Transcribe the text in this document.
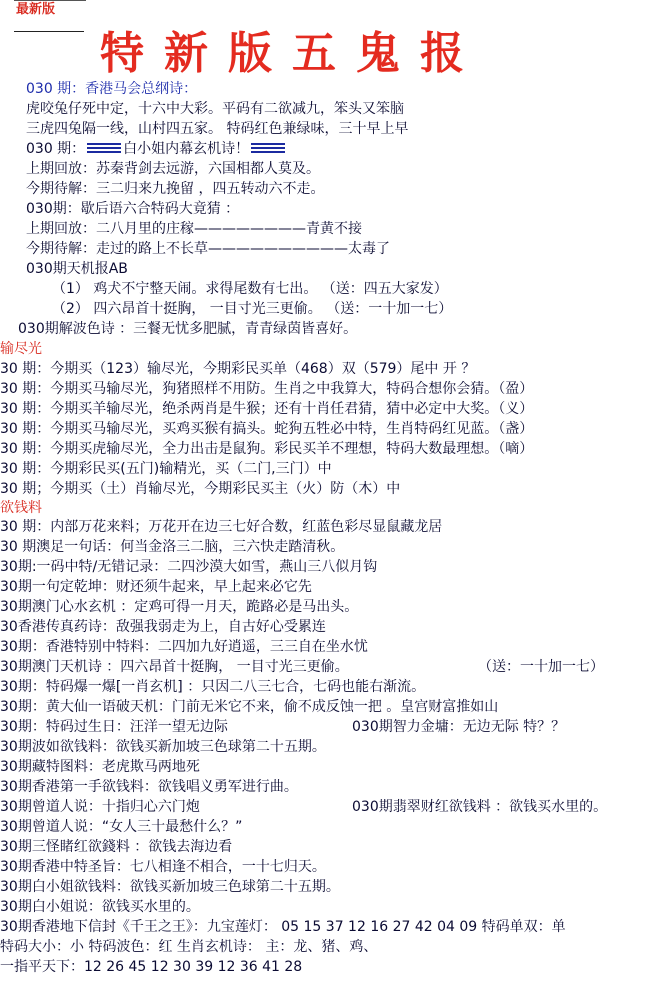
最新版
特新版五鬼报
030 期：香港马会总纲诗：
虎咬兔仔死中定，十六中大彩。平码有二欲减九，笨头又笨脑
三虎四兔隔一线，山村四五家。 特码红色兼绿味，三十早上早
030 期：	白小姐内幕玄机诗！
上期回放：苏秦背剑去远游，六国相都人莫及。
今期待解：三二归来九挽留 ，四五转动六不走。
030期：歇后语六合特码大竟猜 ：
上期回放：二八月里的庄稼————————青黄不接
今期待解：走过的路上不长草——————————太毒了
030期天机报AB
（1） 鸡犬不宁整天闹。求得尾数有七出。 （送：四五大家发）
（2） 四六昂首十挺胸， 一目寸光三更偷。 （送：一十加一七）
030期解波色诗 ：三餐无忧多肥腻，青青绿茵皆喜好。
输尽光
30 期：今期买（123）输尽光，今期彩民买单（468）双（579）尾中 开 ？
30 期：今期买马输尽光，狗猪照样不用防。生肖之中我算大，特码合想你会猜。（盈）
30 期：今期买羊输尽光，绝杀两肖是牛猴；还有十肖任君猜，猜中必定中大奖。（义）
30 期：今期买马输尽光，买鸡买猴有搞头。蛇狗五牲必中特，生肖特码红见蓝。（盏）
30 期：今期买虎输尽光，全力出击是鼠狗。彩民买羊不理想，特码大数最理想。（嘀）
30 期：今期彩民买(五门)输精光，买（二门,三门）中
30 期；今期买（土）肖输尽光，今期彩民买主（火）防（木）中
欲钱料
30 期：内部万花来料；万花开在边三七好合数，红蓝色彩尽显鼠藏龙居
30 期澳足一句话：何当金洛三二脑，三六快走踏清秋。
30期:一码中特/无错记录：二四沙漠大如雪，燕山三八似月钩
30期一句定乾坤：财还须牛起来，早上起来必它先
30期澳门心水玄机 ：定鸡可得一月天，跪路必是马出头。
30香港传真药诗：敌强我弱走为上，自古好心受累连
30期：香港特别中特料：二四加九好逍遥，三三自在坐水忧
30期澳门天机诗 ：四六昂首十挺胸， 一目寸光三更偷。	（送：一十加一七）
30期：特码爆一爆[一肖玄机] ：只因二八三七合，七码也能右渐流。
30期：黄大仙一语破天机：门前无米它不来，偷不成反蚀一把 。皇宫财富推如山
30期：特码过生日：汪洋一望无边际	030期智力金墉：无边无际 特？？
30期波如欲钱料：欲钱买新加坡三色球第二十五期。
30期藏特图料：老虎欺马两地死
30期香港第一手欲钱料：欲钱唱义勇军进行曲。
30期曾道人说：十指归心六门炮	030期翡翠财红欲钱料 ：欲钱买水里的。
30期曾道人说：“女人三十最愁什么？”
30期三怪睹红欲錢料 ：欲钱去海边看
30期香港中特圣旨：七八相逢不相合，一十七归天。
30期白小姐欲钱料：欲钱买新加坡三色球第二十五期。
30期白小姐说：欲钱买水里的。
30期香港地下信封《千王之王》：九宝莲灯： 05 15 37 12 16 27 42 04 09 特码单双：单
特码大小：小 特码波色：红 生肖玄机诗： 主：龙、猪、鸡、
一指平天下：12 26 45 12 30 39 12 36 41 28
